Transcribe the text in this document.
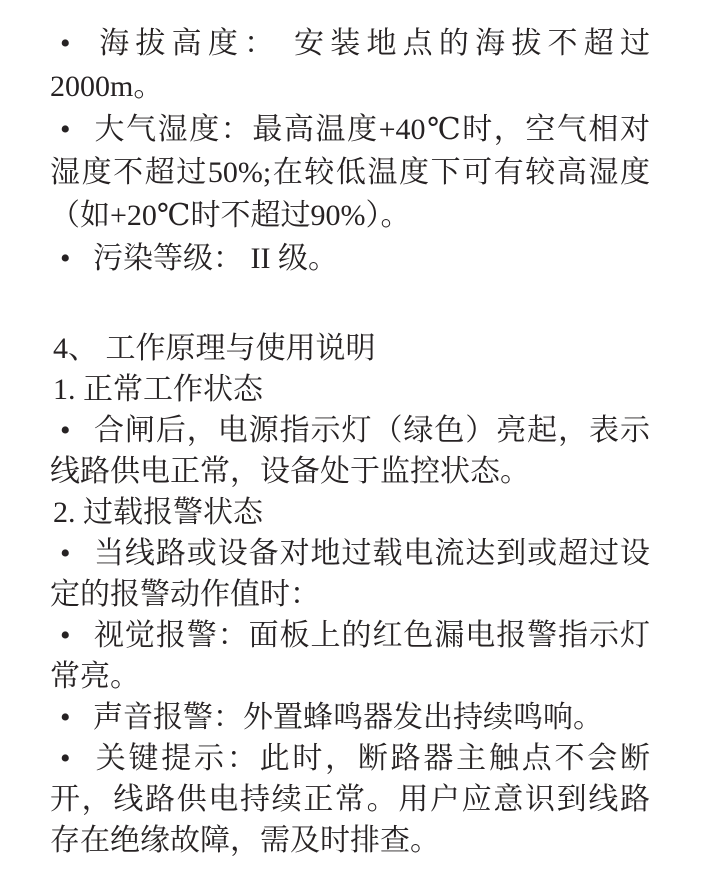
• 海拔高度： 安装地点的海拔不超过
2000m。
• 大气湿度：最高温度+40℃时，空气相对
湿度不超过50%;在较低温度下可有较高湿度
（如+20℃时不超过90%）。
• 污染等级： II 级。
4、 工作原理与使用说明
1. 正常工作状态
• 合闸后，电源指示灯（绿色）亮起，表示
线路供电正常，设备处于监控状态。
2. 过载报警状态
• 当线路或设备对地过载电流达到或超过设
定的报警动作值时：
• 视觉报警：面板上的红色漏电报警指示灯
常亮。
• 声音报警：外置蜂鸣器发出持续鸣响。
• 关键提示：此时，断路器主触点不会断
开，线路供电持续正常。用户应意识到线路
存在绝缘故障，需及时排查。
